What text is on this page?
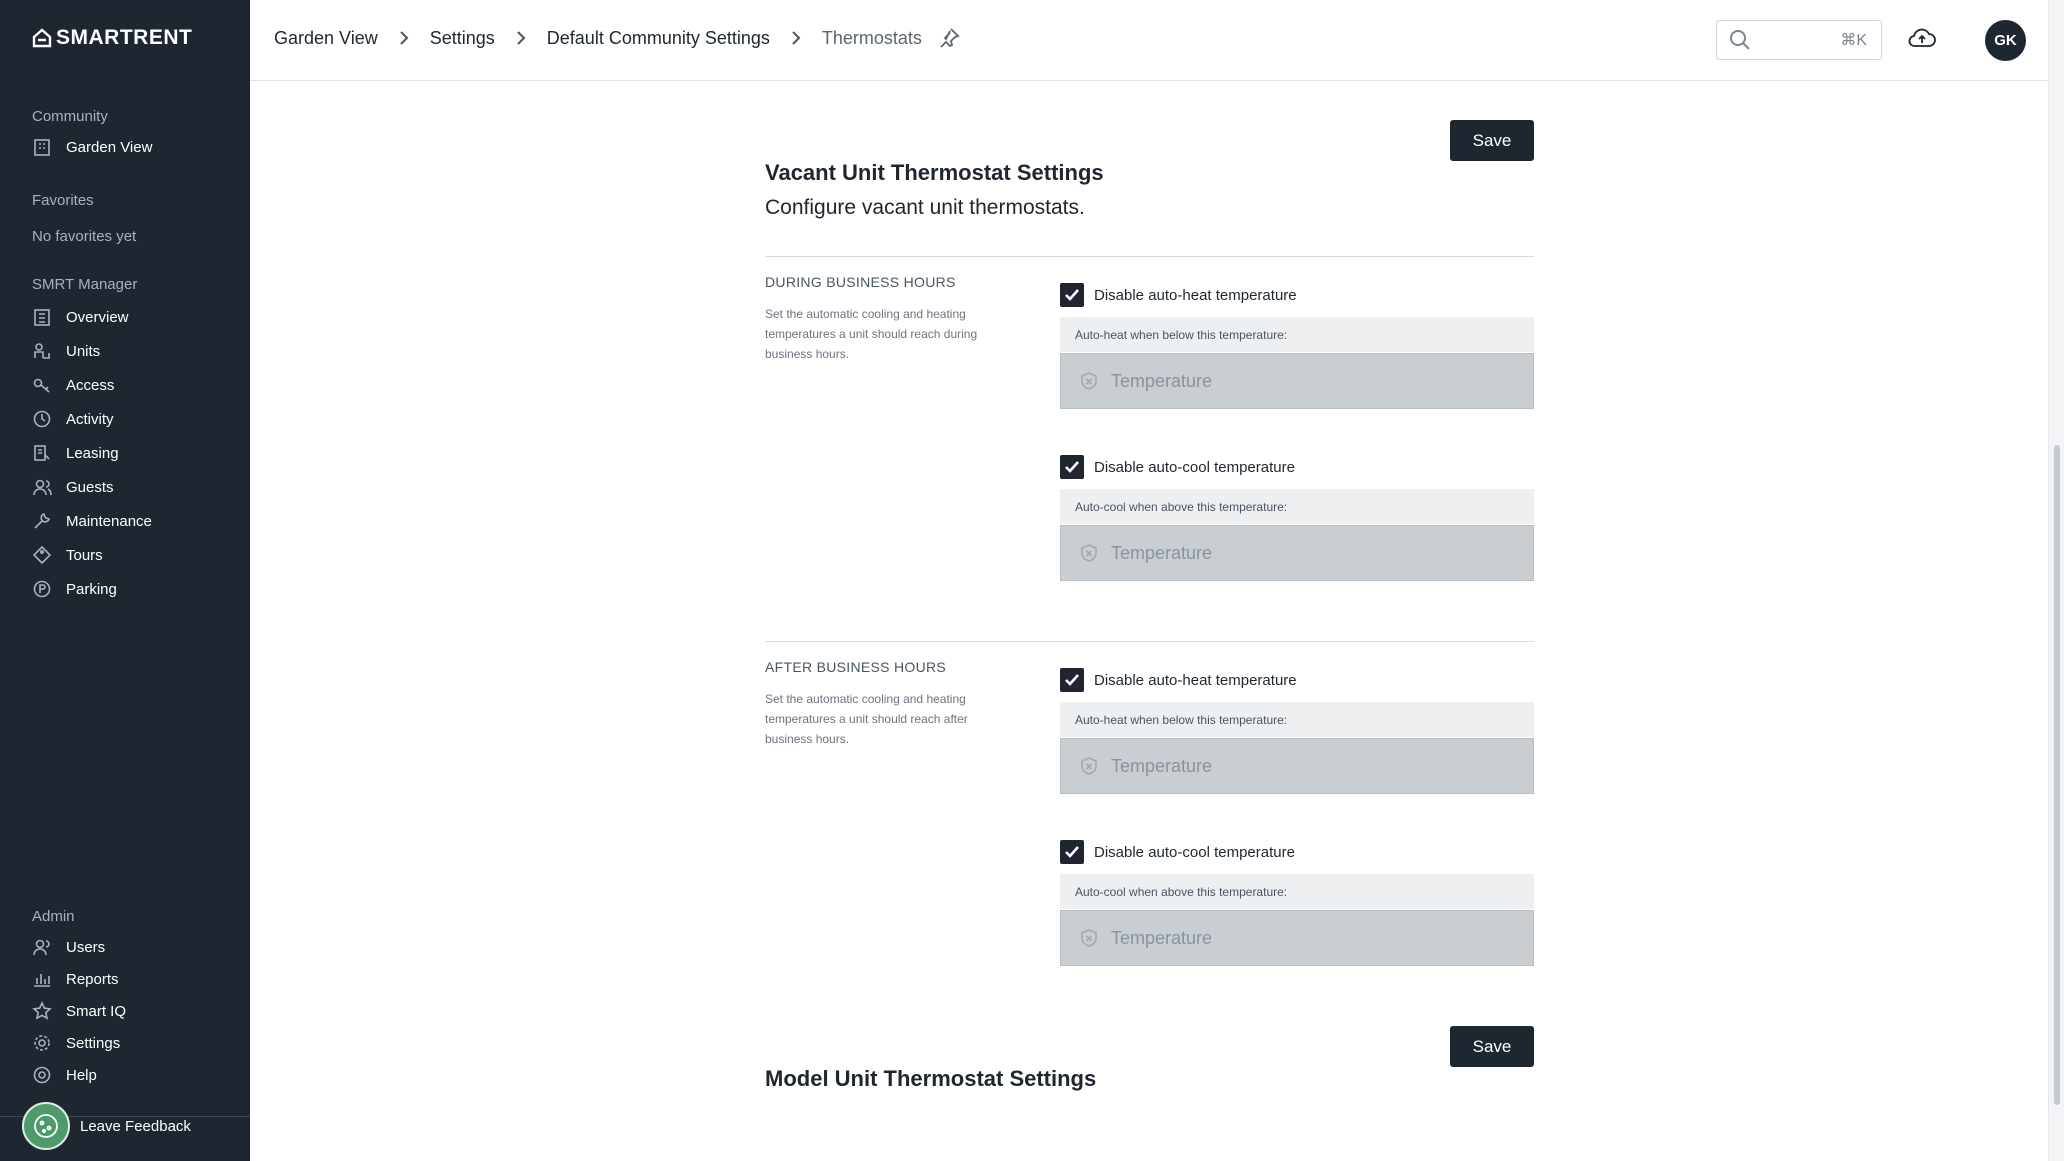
SMARTRENT
Community
Garden View
Favorites
No favorites yet
SMRT Manager
Overview
Units
Access
Activity
Leasing
Guests
Maintenance
Tours
Parking
Admin
Users
Reports
Smart IQ
Settings
Help
Leave Feedback
Garden View	Settings	Default Community Settings	Thermostats	⌘K	GK
Save
Vacant Unit Thermostat Settings

Configure vacant unit thermostats.

DURING BUSINESS HOURS
Set the automatic cooling and heating temperatures a unit should reach during business hours.
Disable auto-heat temperature
Auto-heat when below this temperature:
Temperature
Disable auto-cool temperature
Auto-cool when above this temperature:
Temperature
AFTER BUSINESS HOURS
Set the automatic cooling and heating temperatures a unit should reach after business hours.
Disable auto-heat temperature
Auto-heat when below this temperature:
Temperature
Disable auto-cool temperature
Auto-cool when above this temperature:
Temperature
Save
Model Unit Thermostat Settings
